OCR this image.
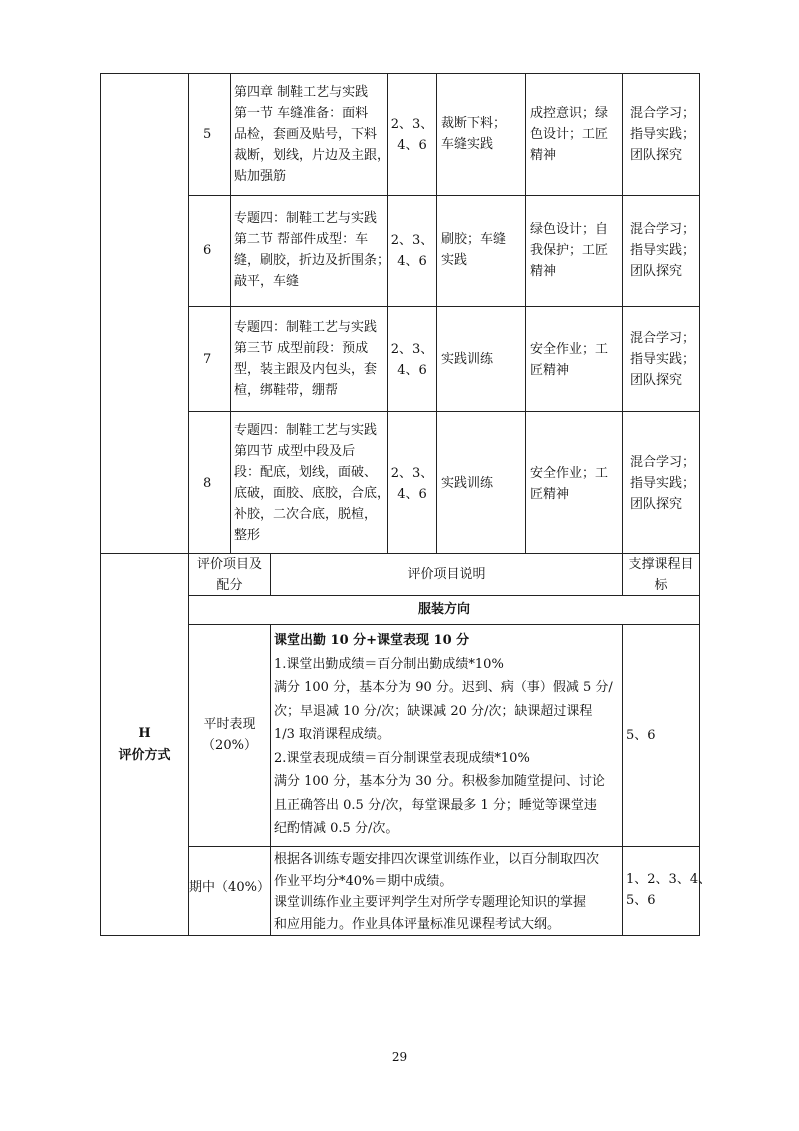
5
第四章 制鞋工艺与实践
第一节 车缝准备：面料
品检，套画及贴号，下料
裁断，划线，片边及主跟，
贴加强筋
2、3、4、6
裁断下料；
车缝实践
成控意识；绿
色设计；工匠
精神
混合学习；
指导实践；
团队探究
6
专题四：制鞋工艺与实践
第二节 帮部件成型：车
缝，刷胶，折边及折围条；
敲平，车缝
2、3、4、6
刷胶；车缝
实践
绿色设计；自
我保护；工匠
精神
混合学习；
指导实践；
团队探究
7
专题四：制鞋工艺与实践
第三节 成型前段：预成
型，装主跟及内包头，套
楦，绑鞋带，绷帮
2、3、4、6
实践训练
安全作业；工
匠精神
混合学习；
指导实践；
团队探究
8
专题四：制鞋工艺与实践
第四节 成型中段及后
段：配底，划线，面破、
底破，面胶、底胶，合底，
补胶，二次合底，脱楦，
整形
2、3、4、6
实践训练
安全作业；工
匠精神
混合学习；
指导实践；
团队探究
H
评价方式
评价项目及
配分
评价项目说明
支撑课程目
标
服装方向
平时表现
（20%）
课堂出勤 10 分+课堂表现 10 分
1.课堂出勤成绩＝百分制出勤成绩*10%
满分 100 分，基本分为 90 分。迟到、病（事）假减 5 分/
次；早退减 10 分/次；缺课减 20 分/次；缺课超过课程
1/3 取消课程成绩。
2.课堂表现成绩＝百分制课堂表现成绩*10%
满分 100 分，基本分为 30 分。积极参加随堂提问、讨论
且正确答出 0.5 分/次，每堂课最多 1 分；睡觉等课堂违
纪酌情减 0.5 分/次。
5、6
期中（40%）
根据各训练专题安排四次课堂训练作业，以百分制取四次
作业平均分*40%＝期中成绩。
课堂训练作业主要评判学生对所学专题理论知识的掌握
和应用能力。作业具体评量标准见课程考试大纲。
1、2、3、4、
5、6
29
